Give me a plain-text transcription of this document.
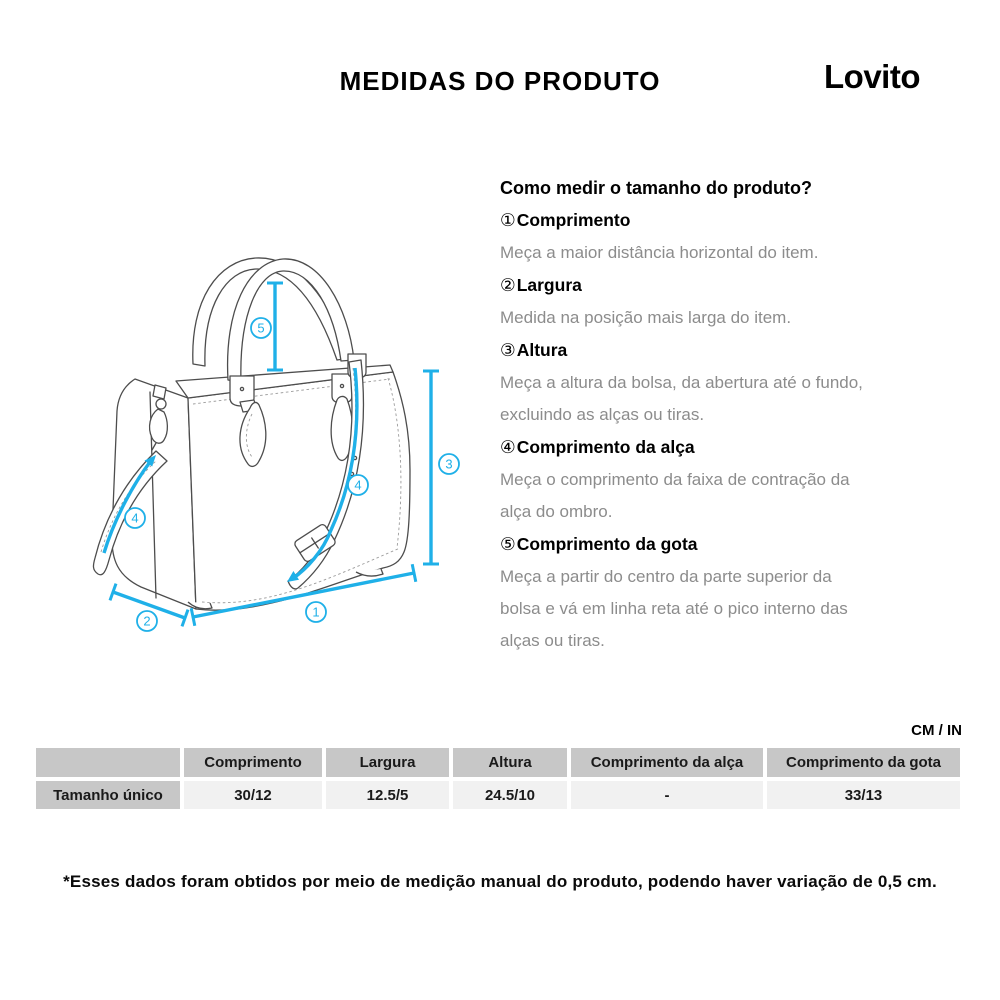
MEDIDAS DO PRODUTO	Lovito
5
3
1
2
4
4
Como medir o tamanho do produto?
①Comprimento
Meça a maior distância horizontal do item.
②Largura
Medida na posição mais larga do item.
③Altura
Meça a altura da bolsa, da abertura até o fundo,
excluindo as alças ou tiras.
④Comprimento da alça
Meça o comprimento da faixa de contração da
alça do ombro.
⑤Comprimento da gota
Meça a partir do centro da parte superior da
bolsa e vá em linha reta até o pico interno das
alças ou tiras.
CM / IN
	Comprimento	Largura	Altura	Comprimento da alça	Comprimento da gota
Tamanho único	30/12	12.5/5	24.5/10	-	33/13
*Esses dados foram obtidos por meio de medição manual do produto, podendo haver variação de 0,5 cm.
